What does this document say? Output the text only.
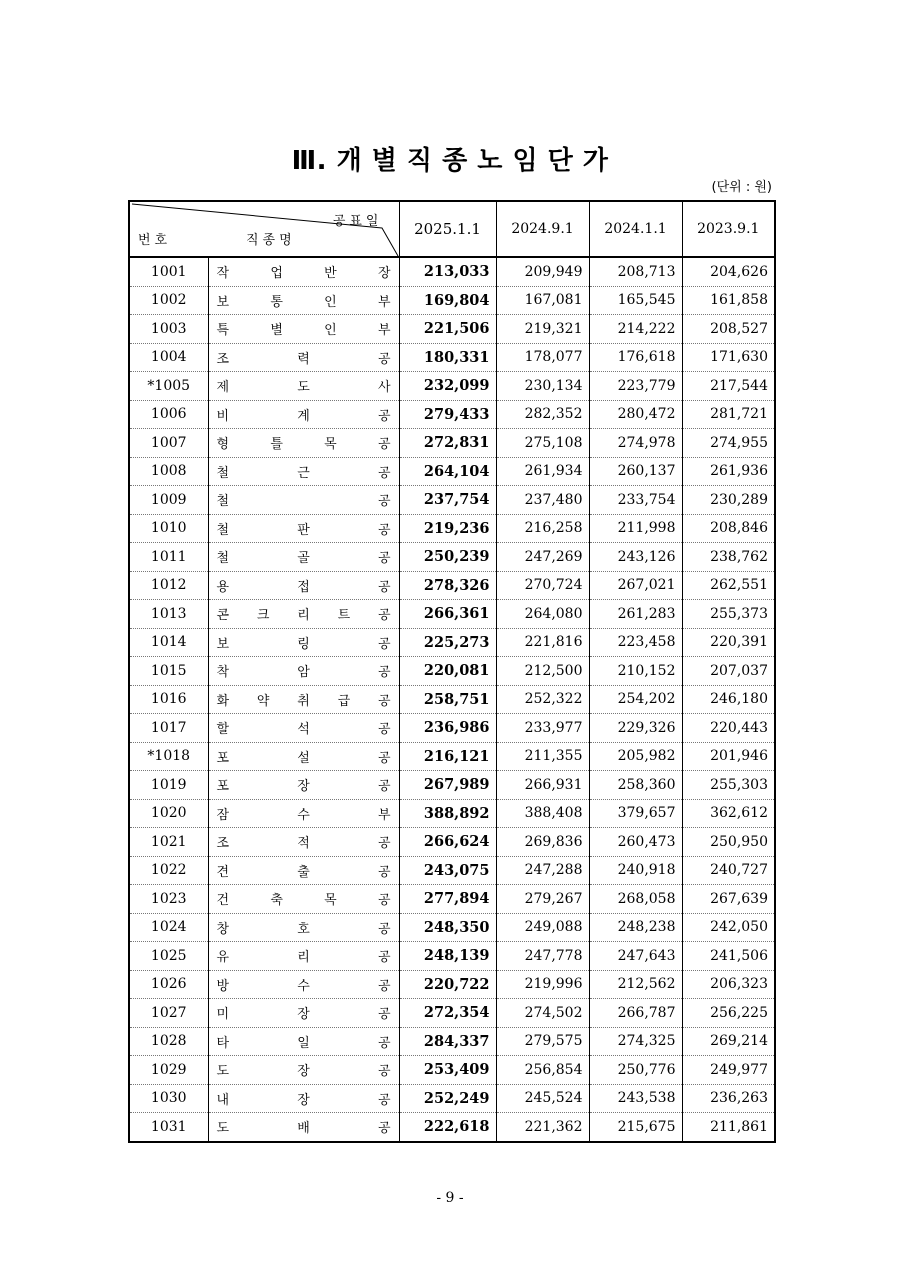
Ⅲ. 개 별 직 종 노 임 단 가
(단위 : 원)
공표일
번호 직종명		2025.1.1	2024.9.1	2024.1.1	2023.9.1
1001	작 업 반 장	213,033	209,949	208,713	204,626
1002	보 통 인 부	169,804	167,081	165,545	161,858
1003	특 별 인 부	221,506	219,321	214,222	208,527
1004	조 력 공	180,331	178,077	176,618	171,630
*1005	제 도 사	232,099	230,134	223,779	217,544
1006	비 계 공	279,433	282,352	280,472	281,721
1007	형 틀 목 공	272,831	275,108	274,978	274,955
1008	철 근 공	264,104	261,934	260,137	261,936
1009	철 공	237,754	237,480	233,754	230,289
1010	철 판 공	219,236	216,258	211,998	208,846
1011	철 골 공	250,239	247,269	243,126	238,762
1012	용 접 공	278,326	270,724	267,021	262,551
1013	콘 크 리 트 공	266,361	264,080	261,283	255,373
1014	보 링 공	225,273	221,816	223,458	220,391
1015	착 암 공	220,081	212,500	210,152	207,037
1016	화 약 취 급 공	258,751	252,322	254,202	246,180
1017	할 석 공	236,986	233,977	229,326	220,443
*1018	포 설 공	216,121	211,355	205,982	201,946
1019	포 장 공	267,989	266,931	258,360	255,303
1020	잠 수 부	388,892	388,408	379,657	362,612
1021	조 적 공	266,624	269,836	260,473	250,950
1022	견 출 공	243,075	247,288	240,918	240,727
1023	건 축 목 공	277,894	279,267	268,058	267,639
1024	창 호 공	248,350	249,088	248,238	242,050
1025	유 리 공	248,139	247,778	247,643	241,506
1026	방 수 공	220,722	219,996	212,562	206,323
1027	미 장 공	272,354	274,502	266,787	256,225
1028	타 일 공	284,337	279,575	274,325	269,214
1029	도 장 공	253,409	256,854	250,776	249,977
1030	내 장 공	252,249	245,524	243,538	236,263
1031	도 배 공	222,618	221,362	215,675	211,861
- 9 -
